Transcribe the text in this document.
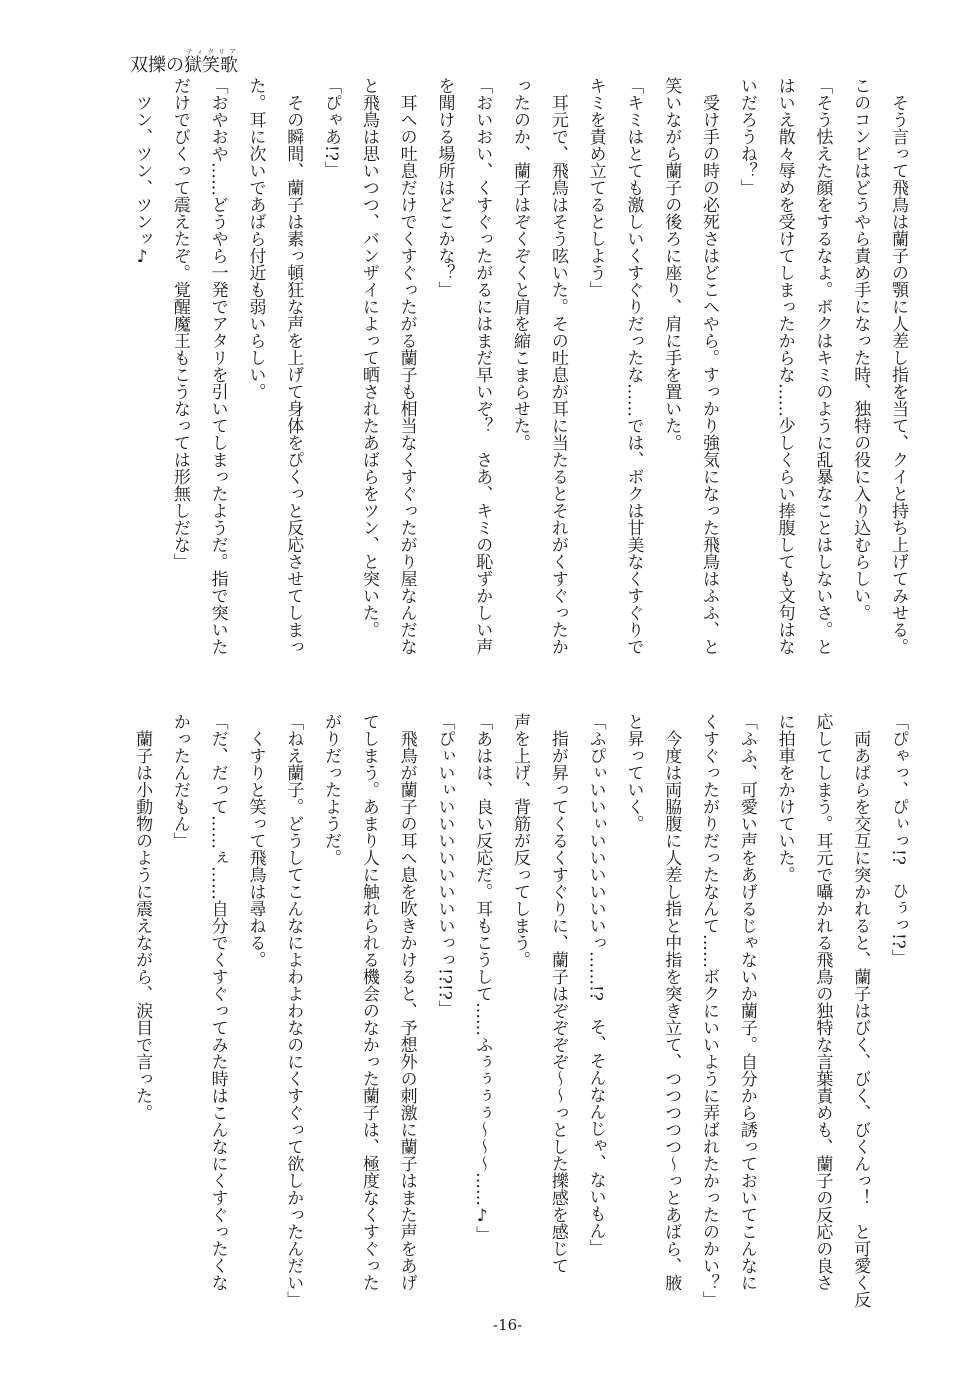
双擽の獄笑歌ティクリア
　そう言って飛鳥は蘭子の顎に人差し指を当て、クイと持ち上げてみせる。
このコンビはどうやら責め手になった時、独特の役に入り込むらしい。
「そう怯えた顔をするなよ。ボクはキミのように乱暴なことはしないさ。と
はいえ散々辱めを受けてしまったからな……少しくらい捧腹しても文句はな
いだろうね？」
　受け手の時の必死さはどこへやら。すっかり強気になった飛鳥はふふ、と
笑いながら蘭子の後ろに座り、肩に手を置いた。
「キミはとても激しいくすぐりだったな……では、ボクは甘美なくすぐりで
キミを責め立てるとしよう」
　耳元で、飛鳥はそう呟いた。その吐息が耳に当たるとそれがくすぐったか
ったのか、蘭子はぞくぞくと肩を縮こまらせた。
「おいおい、くすぐったがるにはまだ早いぞ？　さあ、キミの恥ずかしい声
を聞ける場所はどこかな？」
　耳への吐息だけでくすぐったがる蘭子も相当なくすぐったがり屋なんだな
と飛鳥は思いつつ、バンザイによって晒されたあばらをツン、と突いた。
「ぴゃあ!?」
　その瞬間、蘭子は素っ頓狂な声を上げて身体をぴくっと反応させてしまっ
た。耳に次いであばら付近も弱いらしい。
「おやおや……どうやら一発でアタリを引いてしまったようだ。指で突いた
だけでびくって震えたぞ。覚醒魔王もこうなっては形無しだな」
　ツン、ツン、ツンッ♪
「ぴゃっ、ぴぃっ!?　ひぅっ!?」
　両あばらを交互に突かれると、蘭子はびく、びく、びくんっ！　と可愛く反
応してしまう。耳元で囁かれる飛鳥の独特な言葉責めも、蘭子の反応の良さ
に拍車をかけていた。
「ふふ、可愛い声をあげるじゃないか蘭子。自分から誘っておいてこんなに
くすぐったがりだったなんて……ボクにいいように弄ばれたかったのかい？」
　今度は両脇腹に人差し指と中指を突き立て、つつつつつ～っとあばら、腋
と昇っていく。
「ふぴぃいいぃいいいいいいっ……!?　そ、そんなんじゃ、ないもん」
　指が昇ってくるくすぐりに、蘭子はぞぞぞぞ～～っとした擽感を感じて
声を上げ、背筋が反ってしまう。
「あはは、良い反応だ。耳もこうして……ふぅぅぅぅ～～～……♪」
「ぴぃいぃいいいいいいいいっっ!?!?」
　飛鳥が蘭子の耳へ息を吹きかけると、予想外の刺激に蘭子はまた声をあげ
てしまう。あまり人に触れられる機会のなかった蘭子は、極度なくすぐった
がりだったようだ。
「ねえ蘭子。どうしてこんなによわよわなのにくすぐって欲しかったんだい」
　くすりと笑って飛鳥は尋ねる。
「だ、だって……ぇ……自分でくすぐってみた時はこんなにくすぐったくな
かったんだもん」
　蘭子は小動物のように震えながら、涙目で言った。
-16-
